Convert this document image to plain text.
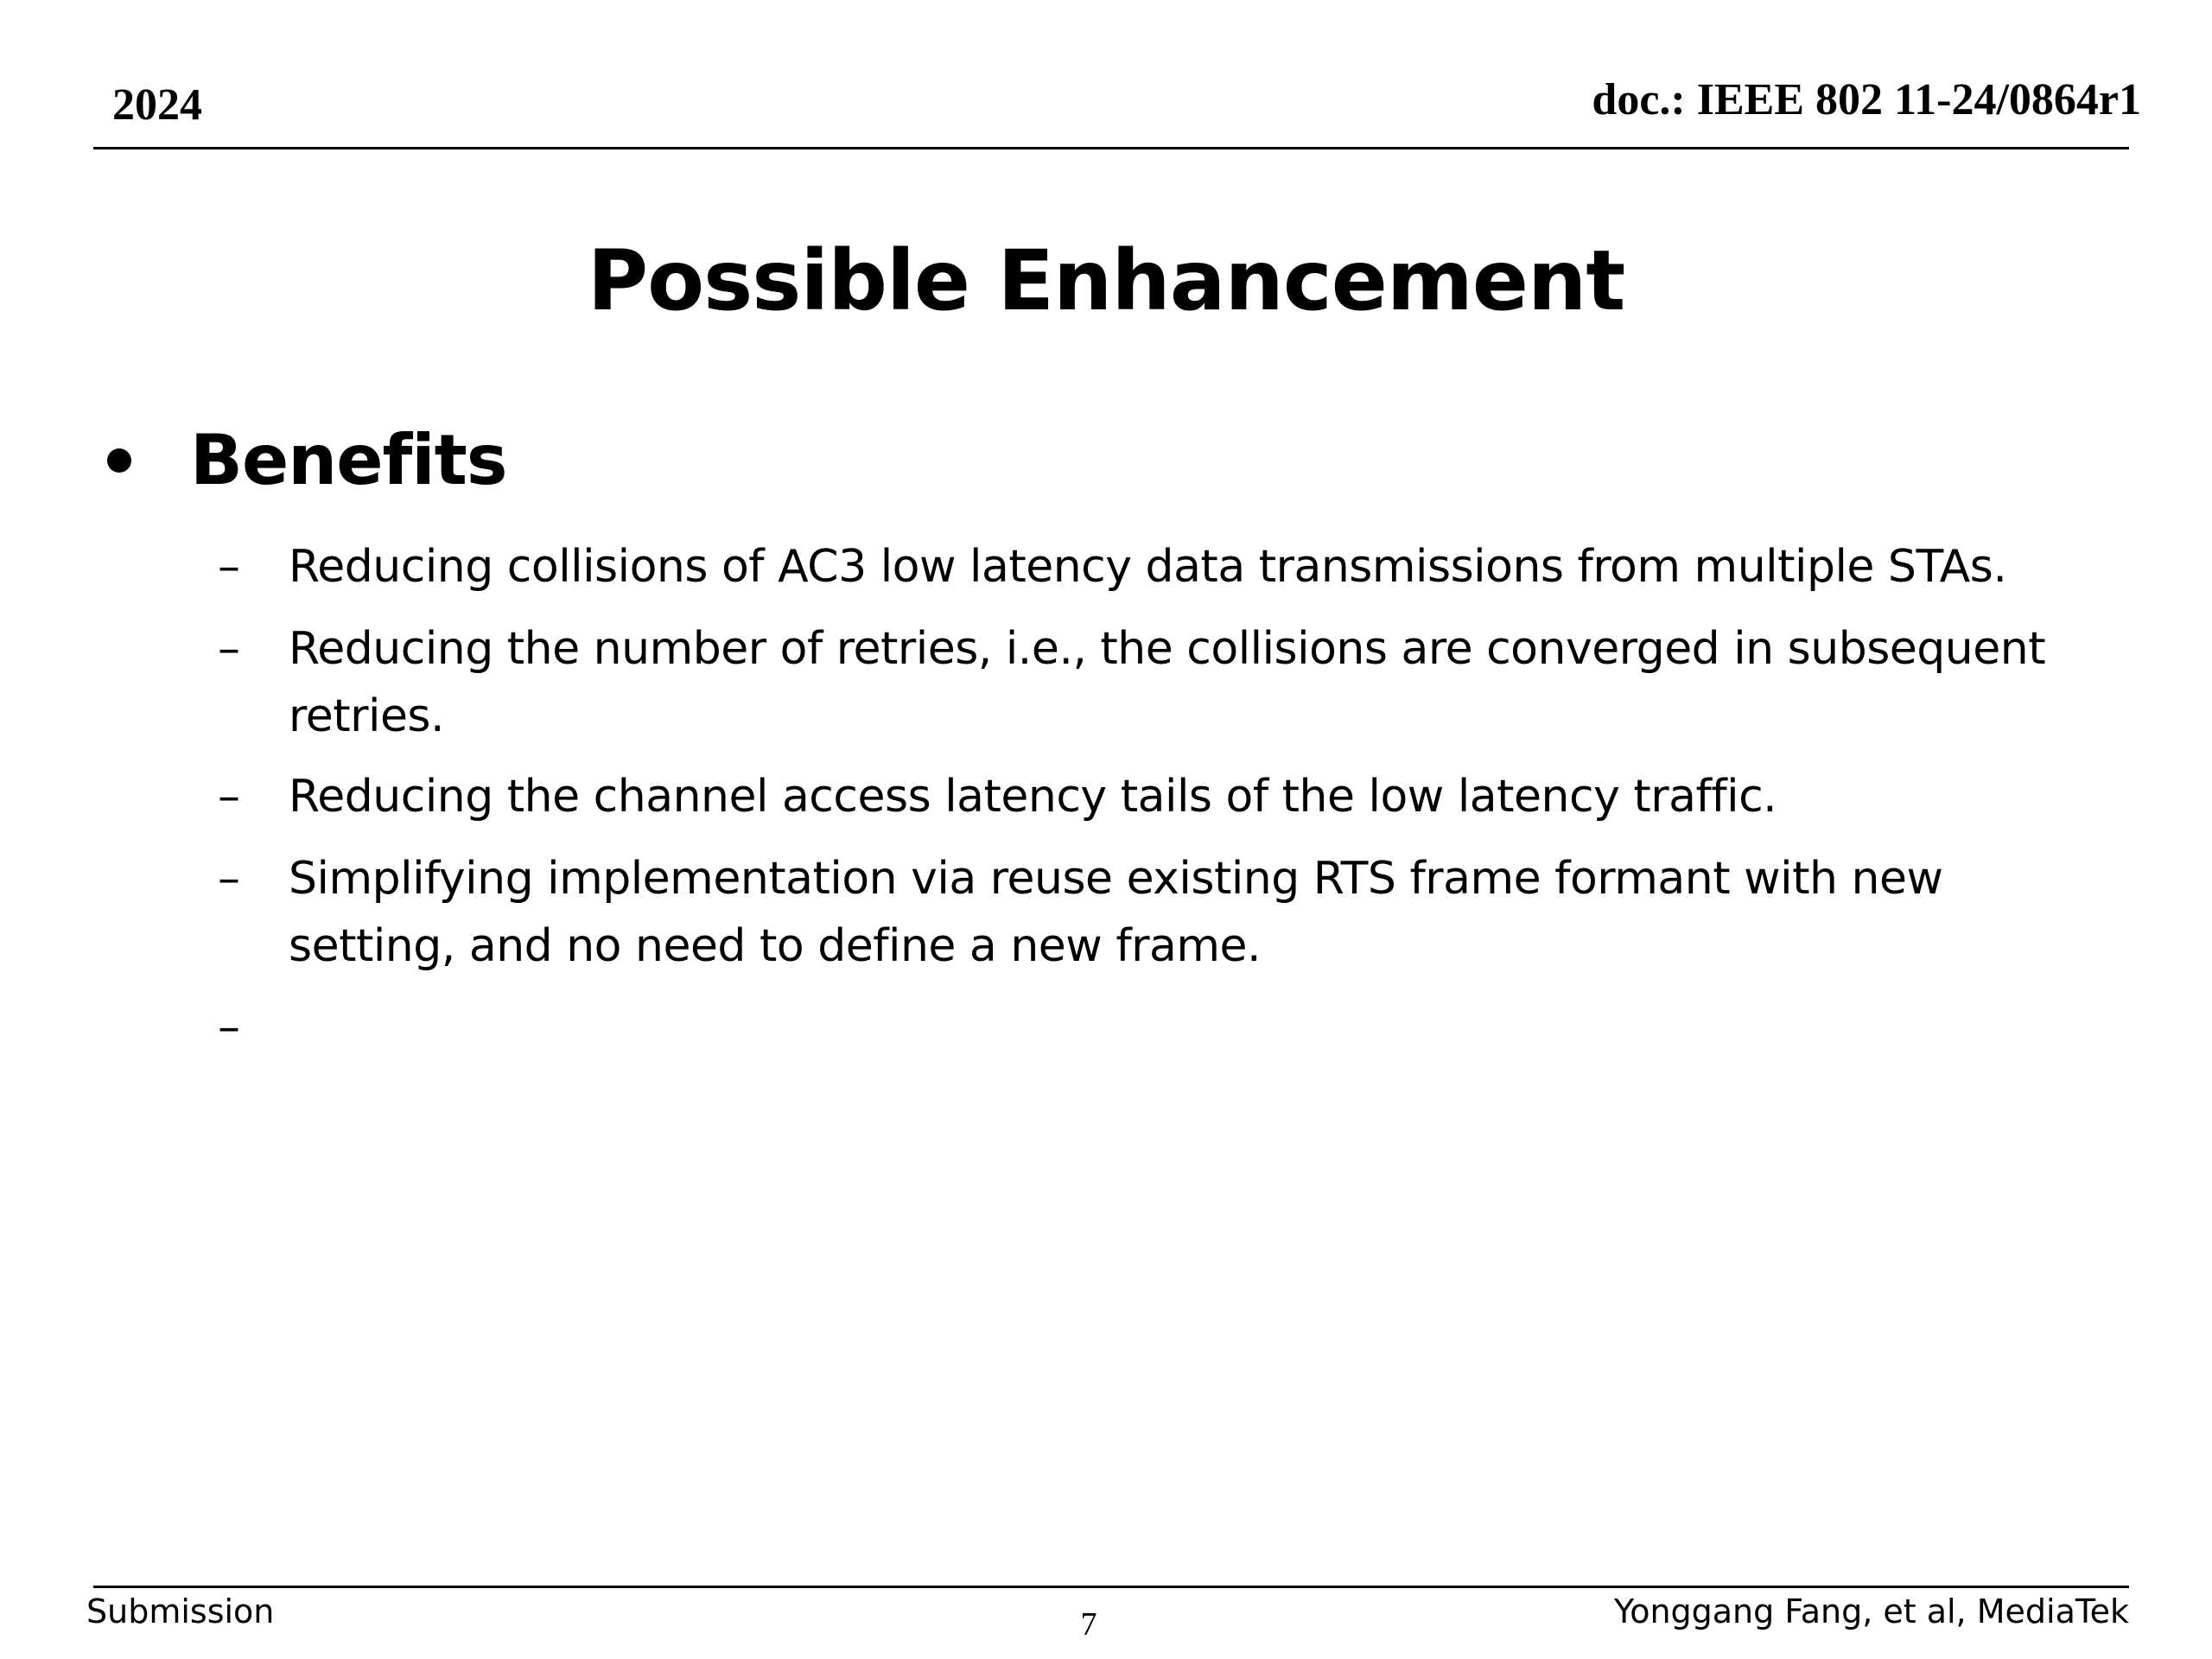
2024	doc.: IEEE 802 11-24/0864r1
Possible Enhancement
Benefits
–	Reducing collisions of AC3 low latency data transmissions from multiple STAs.
–	Reducing the number of retries, i.e., the collisions are converged in subsequent retries.
–	Reducing the channel access latency tails of the low latency traffic.
–	Simplifying implementation via reuse existing RTS frame formant with new setting, and no need to define a new frame.
–
Submission	7	Yonggang Fang, et al, MediaTek
